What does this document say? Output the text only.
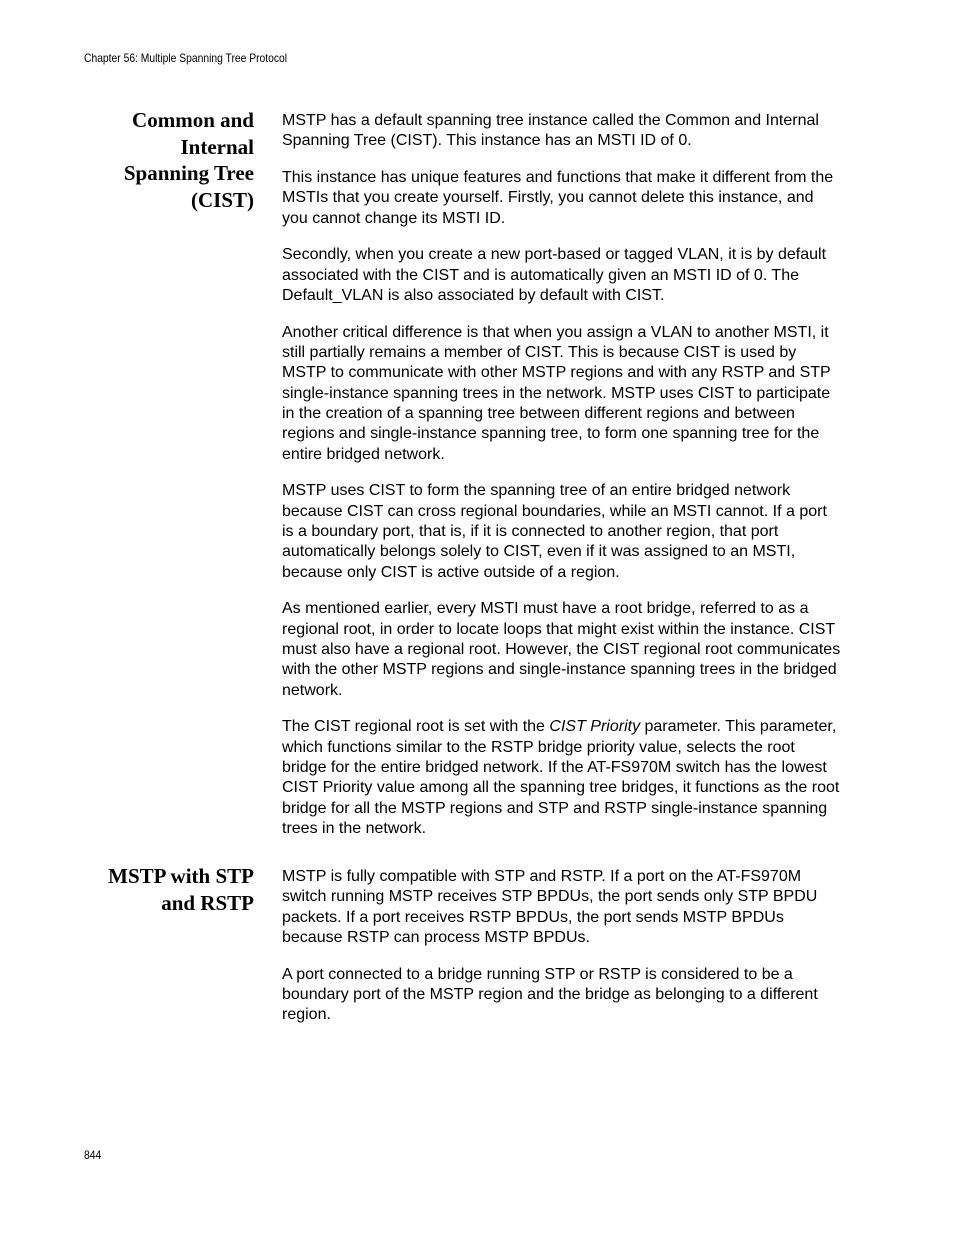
Chapter 56: Multiple Spanning Tree Protocol
Common and
Internal
Spanning Tree
(CIST)

MSTP has a default spanning tree instance called the Common and Internal Spanning Tree (CIST). This instance has an MSTI ID of 0.

This instance has unique features and functions that make it different from the MSTIs that you create yourself. Firstly, you cannot delete this instance, and you cannot change its MSTI ID.

Secondly, when you create a new port-based or tagged VLAN, it is by default associated with the CIST and is automatically given an MSTI ID of 0. The Default_VLAN is also associated by default with CIST.

Another critical difference is that when you assign a VLAN to another MSTI, it still partially remains a member of CIST. This is because CIST is used by MSTP to communicate with other MSTP regions and with any RSTP and STP single-instance spanning trees in the network. MSTP uses CIST to participate in the creation of a spanning tree between different regions and between regions and single-instance spanning tree, to form one spanning tree for the entire bridged network.

MSTP uses CIST to form the spanning tree of an entire bridged network because CIST can cross regional boundaries, while an MSTI cannot. If a port is a boundary port, that is, if it is connected to another region, that port automatically belongs solely to CIST, even if it was assigned to an MSTI, because only CIST is active outside of a region.

As mentioned earlier, every MSTI must have a root bridge, referred to as a regional root, in order to locate loops that might exist within the instance. CIST must also have a regional root. However, the CIST regional root communicates with the other MSTP regions and single-instance spanning trees in the bridged network.

The CIST regional root is set with the CIST Priority parameter. This parameter, which functions similar to the RSTP bridge priority value, selects the root bridge for the entire bridged network. If the AT-FS970M switch has the lowest CIST Priority value among all the spanning tree bridges, it functions as the root bridge for all the MSTP regions and STP and RSTP single-instance spanning trees in the network.

MSTP with STP
and RSTP

MSTP is fully compatible with STP and RSTP. If a port on the AT-FS970M switch running MSTP receives STP BPDUs, the port sends only STP BPDU packets. If a port receives RSTP BPDUs, the port sends MSTP BPDUs because RSTP can process MSTP BPDUs.

A port connected to a bridge running STP or RSTP is considered to be a boundary port of the MSTP region and the bridge as belonging to a different region.

844
